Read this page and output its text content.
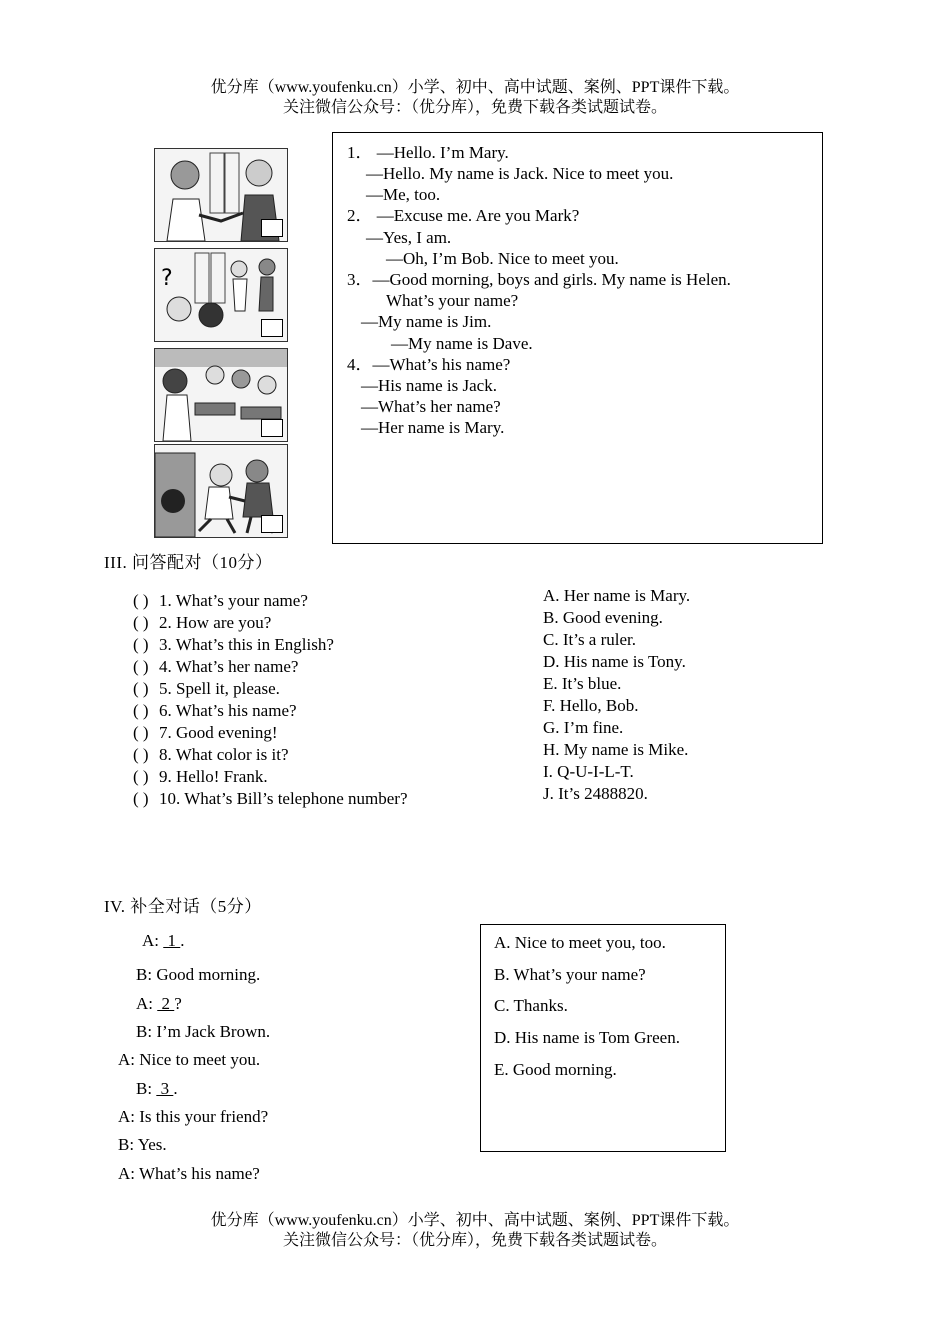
优分库（www.youfenku.cn）小学、初中、高中试题、案例、PPT课件下载。
关注微信公众号：（优分库），免费下载各类试题试卷。
?
1． —Hello. I’m Mary.
—Hello. My name is Jack. Nice to meet you.
—Me, too.
2． —Excuse me. Are you Mark?
—Yes, I am.
—Oh, I’m Bob. Nice to meet you.
3．—Good morning, boys and girls. My name is Helen.
What’s your name?
—My name is Jim.
—My name is Dave.
4．—What’s his name?
—His name is Jack.
—What’s her name?
—Her name is Mary.
III. 问答配对（10分）
( ) 1. What’s your name?
( ) 2. How are you?
( ) 3. What’s this in English?
( ) 4. What’s her name?
( ) 5. Spell it, please.
( ) 6. What’s his name?
( ) 7. Good evening!
( ) 8. What color is it?
( ) 9. Hello! Frank.
( ) 10. What’s Bill’s telephone number?
A. Her name is Mary.
B. Good evening.
C. It’s a ruler.
D. His name is Tony.
E. It’s blue.
F. Hello, Bob.
G. I’m fine.
H. My name is Mike.
I. Q-U-I-L-T.
J. It’s 2488820.
IV. 补全对话（5分）
A:  1 .
B: Good morning.
A:  2 ?
B: I’m Jack Brown.
A: Nice to meet you.
B:  3 .
A: Is this your friend?
B: Yes.
A: What’s his name?
A. Nice to meet you, too.
B. What’s your name?
C. Thanks.
D. His name is Tom Green.
E. Good morning.
优分库（www.youfenku.cn）小学、初中、高中试题、案例、PPT课件下载。
关注微信公众号：（优分库），免费下载各类试题试卷。
